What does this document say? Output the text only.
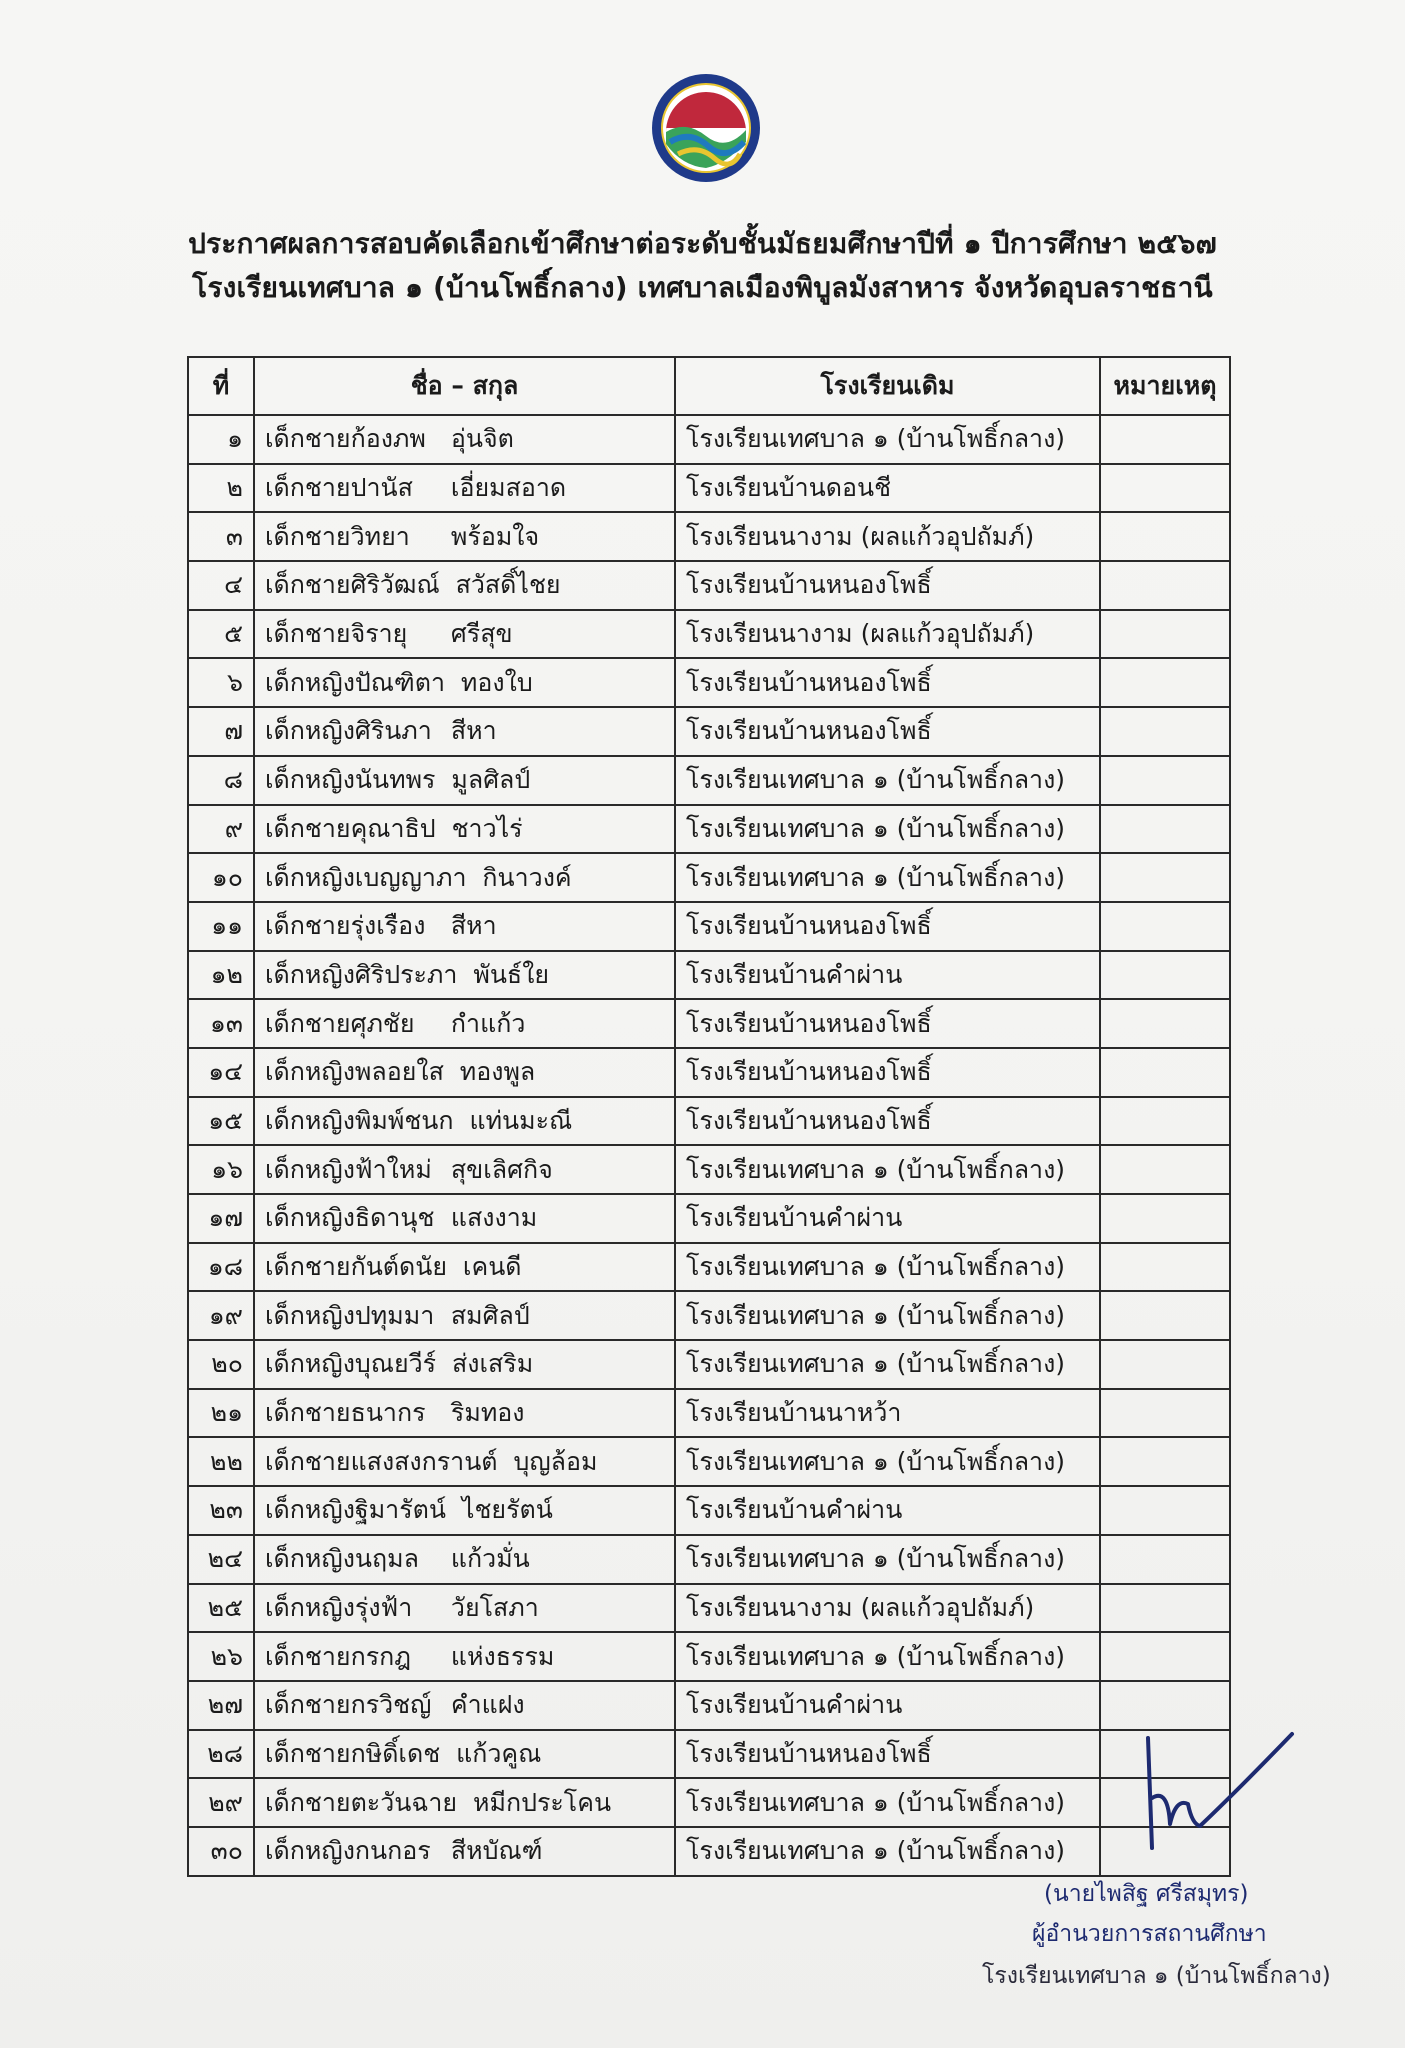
ประกาศผลการสอบคัดเลือกเข้าศึกษาต่อระดับชั้นมัธยมศึกษาปีที่ ๑ ปีการศึกษา ๒๕๖๗
โรงเรียนเทศบาล ๑ (บ้านโพธิ์กลาง) เทศบาลเมืองพิบูลมังสาหาร จังหวัดอุบลราชธานี
ที่	ชื่อ – สกุล	โรงเรียนเดิม	หมายเหตุ
๑	เด็กชายก้องภพ อุ่นจิต	โรงเรียนเทศบาล ๑ (บ้านโพธิ์กลาง)	
๒	เด็กชายปานัส เอี่ยมสอาด	โรงเรียนบ้านดอนชี	
๓	เด็กชายวิทยา พร้อมใจ	โรงเรียนนางาม (ผลแก้วอุปถัมภ์)	
๔	เด็กชายศิริวัฒณ์ สวัสดิ์ไชย	โรงเรียนบ้านหนองโพธิ์	
๕	เด็กชายจิรายุ ศรีสุข	โรงเรียนนางาม (ผลแก้วอุปถัมภ์)	
๖	เด็กหญิงปัณฑิตา ทองใบ	โรงเรียนบ้านหนองโพธิ์	
๗	เด็กหญิงศิรินภา สีหา	โรงเรียนบ้านหนองโพธิ์	
๘	เด็กหญิงนันทพร มูลศิลป์	โรงเรียนเทศบาล ๑ (บ้านโพธิ์กลาง)	
๙	เด็กชายคุณาธิป ชาวไร่	โรงเรียนเทศบาล ๑ (บ้านโพธิ์กลาง)	
๑๐	เด็กหญิงเบญญาภา กินาวงค์	โรงเรียนเทศบาล ๑ (บ้านโพธิ์กลาง)	
๑๑	เด็กชายรุ่งเรือง สีหา	โรงเรียนบ้านหนองโพธิ์	
๑๒	เด็กหญิงศิริประภา พันธ์ใย	โรงเรียนบ้านคำผ่าน	
๑๓	เด็กชายศุภชัย กำแก้ว	โรงเรียนบ้านหนองโพธิ์	
๑๔	เด็กหญิงพลอยใส ทองพูล	โรงเรียนบ้านหนองโพธิ์	
๑๕	เด็กหญิงพิมพ์ชนก แท่นมะณี	โรงเรียนบ้านหนองโพธิ์	
๑๖	เด็กหญิงฟ้าใหม่ สุขเลิศกิจ	โรงเรียนเทศบาล ๑ (บ้านโพธิ์กลาง)	
๑๗	เด็กหญิงธิดานุช แสงงาม	โรงเรียนบ้านคำผ่าน	
๑๘	เด็กชายกันต์ดนัย เคนดี	โรงเรียนเทศบาล ๑ (บ้านโพธิ์กลาง)	
๑๙	เด็กหญิงปทุมมา สมศิลป์	โรงเรียนเทศบาล ๑ (บ้านโพธิ์กลาง)	
๒๐	เด็กหญิงบุณยวีร์ ส่งเสริม	โรงเรียนเทศบาล ๑ (บ้านโพธิ์กลาง)	
๒๑	เด็กชายธนากร ริมทอง	โรงเรียนบ้านนาหว้า	
๒๒	เด็กชายแสงสงกรานต์ บุญล้อม	โรงเรียนเทศบาล ๑ (บ้านโพธิ์กลาง)	
๒๓	เด็กหญิงฐิมารัตน์ ไชยรัตน์	โรงเรียนบ้านคำผ่าน	
๒๔	เด็กหญิงนฤมล แก้วมั่น	โรงเรียนเทศบาล ๑ (บ้านโพธิ์กลาง)	
๒๕	เด็กหญิงรุ่งฟ้า วัยโสภา	โรงเรียนนางาม (ผลแก้วอุปถัมภ์)	
๒๖	เด็กชายกรกฎ แห่งธรรม	โรงเรียนเทศบาล ๑ (บ้านโพธิ์กลาง)	
๒๗	เด็กชายกรวิชญ์ คำแฝง	โรงเรียนบ้านคำผ่าน	
๒๘	เด็กชายกษิดิ์เดช แก้วคูณ	โรงเรียนบ้านหนองโพธิ์	
๒๙	เด็กชายตะวันฉาย หมีกประโคน	โรงเรียนเทศบาล ๑ (บ้านโพธิ์กลาง)	
๓๐	เด็กหญิงกนกอร สีหบัณฑ์	โรงเรียนเทศบาล ๑ (บ้านโพธิ์กลาง)	
(นายไพสิฐ ศรีสมุทร)
ผู้อำนวยการสถานศึกษา
โรงเรียนเทศบาล ๑ (บ้านโพธิ์กลาง)
